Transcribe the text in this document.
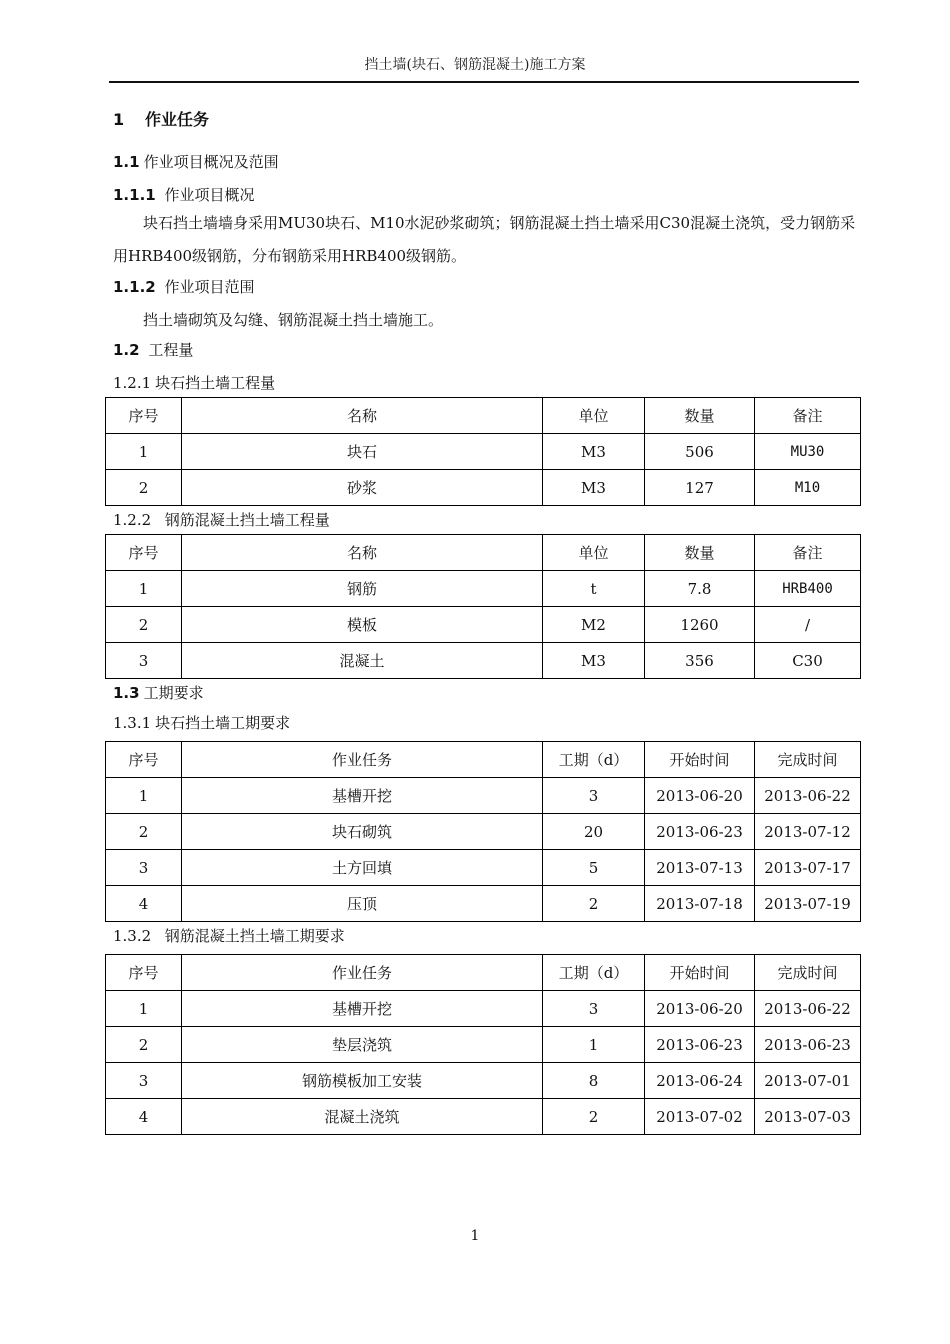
挡土墙(块石、钢筋混凝土)施工方案
1 作业任务
1.1 作业项目概况及范围
1.1.1 作业项目概况

块石挡土墙墙身采用MU30块石、M10水泥砂浆砌筑；钢筋混凝土挡土墙采用C30混凝土浇筑，受力钢筋采用HRB400级钢筋，分布钢筋采用HRB400级钢筋。

1.1.2 作业项目范围

挡土墙砌筑及勾缝、钢筋混凝土挡土墙施工。

1.2 工程量
1.2.1 块石挡土墙工程量
序号	名称	单位	数量	备注
1	块石	M3	506	MU30
2	砂浆	M3	127	M10
1.2.2 钢筋混凝土挡土墙工程量
序号	名称	单位	数量	备注
1	钢筋	t	7.8	HRB400
2	模板	M2	1260	/
3	混凝土	M3	356	C30
1.3 工期要求
1.3.1 块石挡土墙工期要求
序号	作业任务	工期（d）	开始时间	完成时间
1	基槽开挖	3	2013-06-20	2013-06-22
2	块石砌筑	20	2013-06-23	2013-07-12
3	土方回填	5	2013-07-13	2013-07-17
4	压顶	2	2013-07-18	2013-07-19
1.3.2 钢筋混凝土挡土墙工期要求
序号	作业任务	工期（d）	开始时间	完成时间
1	基槽开挖	3	2013-06-20	2013-06-22
2	垫层浇筑	1	2013-06-23	2013-06-23
3	钢筋模板加工安装	8	2013-06-24	2013-07-01
4	混凝土浇筑	2	2013-07-02	2013-07-03
1
